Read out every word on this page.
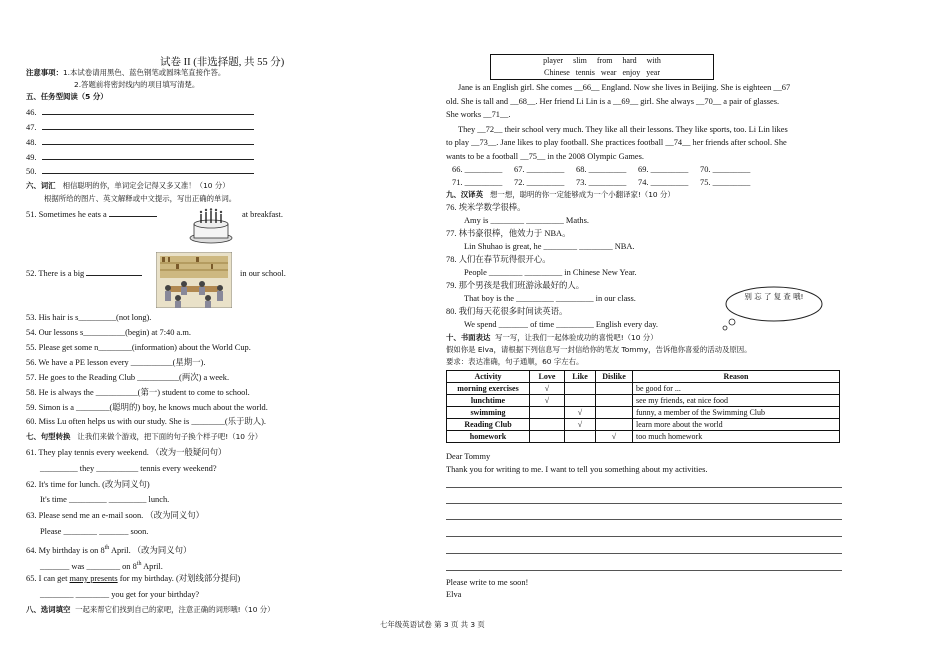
试卷 II (非选择题, 共 55 分)
注意事项：1.本试卷请用黑色、蓝色钢笔或圆珠笔直接作答。
2.答题前将密封线内的项目填写清楚。
五、任务型阅读（5 分）
46.
47.
48.
49.
50.
六、词汇 相信聪明的你，单词定会记得又多又准！（10 分）
根据所给的图片、英文解释或中文提示，写出正确的单词。
51. Sometimes he eats a	at breakfast.
52. There is a big	in our school.
53. His hair is s_________(not long).
54. Our lessons s__________(begin) at 7:40 a.m.
55. Please get some n________(information) about the World Cup.
56. We have a PE lesson every __________(星期一).
57. He goes to the Reading Club __________(两次) a week.
58. He is always the __________(第一) student to come to school.
59. Simon is a ________(聪明的) boy, he knows much about the world.
60. Miss Lu often helps us with our study. She is ________(乐于助人).
七、句型转换 让我们来做个游戏，把下面的句子换个样子吧!（10 分）
61. They play tennis every weekend. （改为一般疑问句）
_________ they __________ tennis every weekend?
62. It's time for lunch. (改为同义句)
It's time _________ _________ lunch.
63. Please send me an e-mail soon. （改为同义句）
Please ________ _______ soon.
64. My birthday is on 8th April. （改为同义句）
_______ was ________ on 8th April.
65. I can get many presents for my birthday. (对划线部分提问)
________ ________ you get for your birthday?
八、选词填空 一起来帮它们找到自己的家吧，注意正确的词形哦!（10 分）
player     slim     from     hard     with
Chinese   tennis   wear   enjoy   year
Jane is an English girl. She comes __66__ England. Now she lives in Beijing. She is eighteen __67
old. She is tall and __68__. Her friend Li Lin is a __69__ girl. She always __70__ a pair of glasses.
She works __71__.
They __72__ their school very much. They like all their lessons. They like sports, too. Li Lin likes
to play __73__. Jane likes to play football. She practices football __74__ her friends after school. She
wants to be a football __75__ in the 2008 Olympic Games.
66. _________ 67. _________ 68. _________ 69. _________ 70. _________
71. _________ 72. _________ 73. _________ 74. _________ 75. _________
九、汉译英 想一想，聪明的你一定能够成为一个小翻译家!（10 分）
76. 埃米学数学很棒。
Amy is ________ _________ Maths.
77. 林书豪很棒，他效力于 NBA。
Lin Shuhao is great, he ________ ________ NBA.
78. 人们在春节玩得很开心。
People ________ _________ in Chinese New Year.
79. 那个男孩是我们班游泳最好的人。
That boy is the _________ _________ in our class.
80. 我们每天花很多时间读英语。
We spend _______ of time _________ English every day.
别 忘 了 复 查 哦!
十、书面表达 写一写，让我们一起体验成功的喜悦吧!（10 分）
假如你是 Elva，请根据下列信息写一封信给你的笔友 Tommy，告诉他你喜爱的活动及原因。
要求：表达准确，句子通顺，60 字左右。
Activity	Love	Like	Dislike	Reason
morning exercises	√			be good for ...
lunchtime	√			see my friends, eat nice food
swimming		√		funny, a member of the Swimming Club
Reading Club		√		learn more about the world
homework			√	too much homework
Dear Tommy
Thank you for writing to me. I want to tell you something about my activities.
Please write to me soon!
Elva
七年级英语试卷 第 3 页 共 3 页
